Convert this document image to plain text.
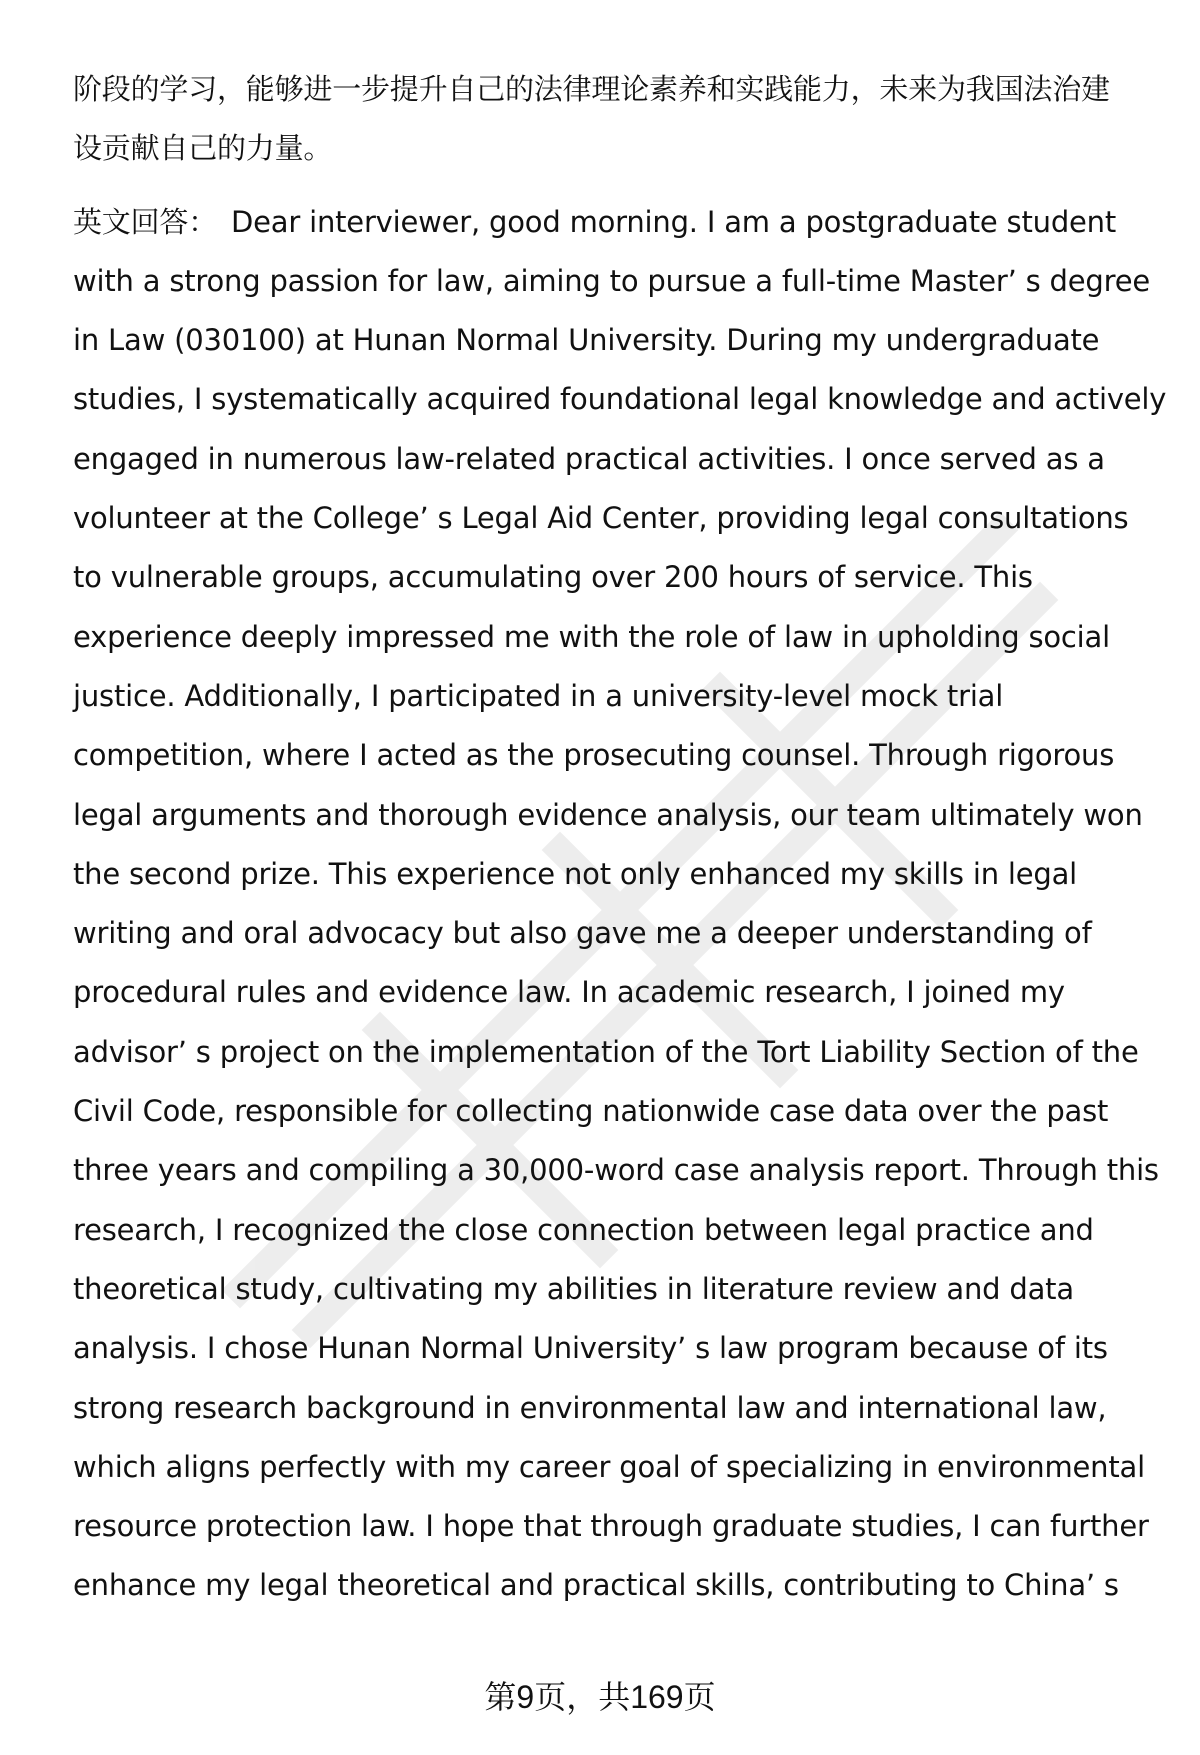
阶段的学习，能够进一步提升自己的法律理论素养和实践能力，未来为我国法治建
设贡献自己的力量。

英文回答： Dear interviewer, good morning. I am a postgraduate student
with a strong passion for law, aiming to pursue a full-time Master’ s degree
in Law (030100) at Hunan Normal University. During my undergraduate
studies, I systematically acquired foundational legal knowledge and actively
engaged in numerous law-related practical activities. I once served as a
volunteer at the College’ s Legal Aid Center, providing legal consultations
to vulnerable groups, accumulating over 200 hours of service. This
experience deeply impressed me with the role of law in upholding social
justice. Additionally, I participated in a university-level mock trial
competition, where I acted as the prosecuting counsel. Through rigorous
legal arguments and thorough evidence analysis, our team ultimately won
the second prize. This experience not only enhanced my skills in legal
writing and oral advocacy but also gave me a deeper understanding of
procedural rules and evidence law. In academic research, I joined my
advisor’ s project on the implementation of the Tort Liability Section of the
Civil Code, responsible for collecting nationwide case data over the past
three years and compiling a 30,000-word case analysis report. Through this
research, I recognized the close connection between legal practice and
theoretical study, cultivating my abilities in literature review and data
analysis. I chose Hunan Normal University’ s law program because of its
strong research background in environmental law and international law,
which aligns perfectly with my career goal of specializing in environmental
resource protection law. I hope that through graduate studies, I can further
enhance my legal theoretical and practical skills, contributing to China’ s

第9页，共169页
